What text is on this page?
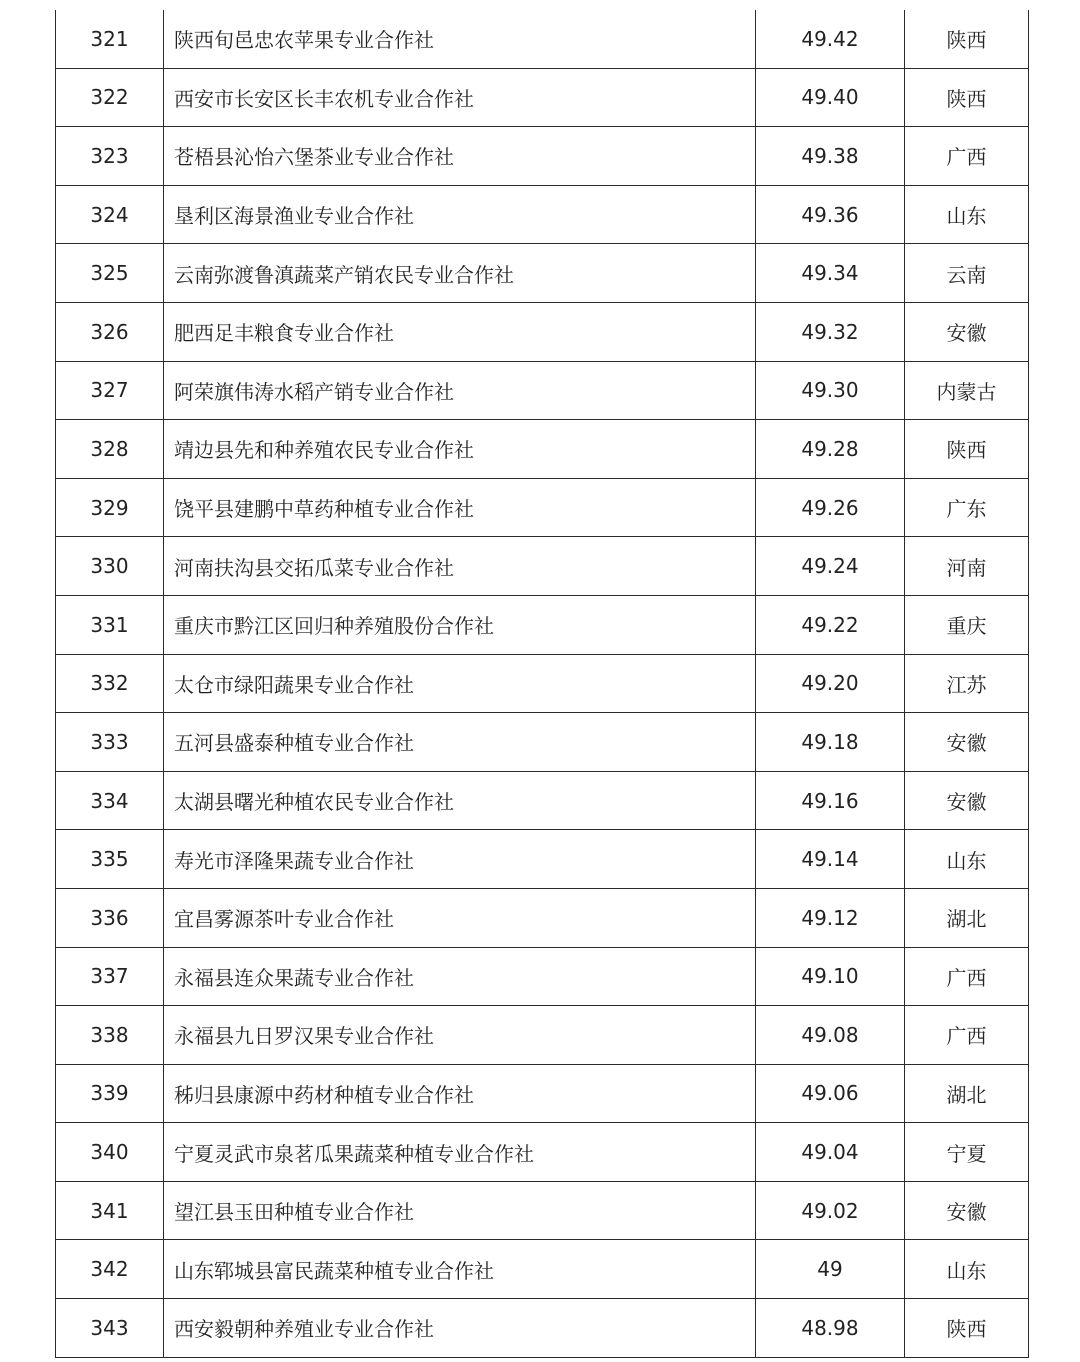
321	陕西旬邑忠农苹果专业合作社	49.42	陕西
322	西安市长安区长丰农机专业合作社	49.40	陕西
323	苍梧县沁怡六堡茶业专业合作社	49.38	广西
324	垦利区海景渔业专业合作社	49.36	山东
325	云南弥渡鲁滇蔬菜产销农民专业合作社	49.34	云南
326	肥西足丰粮食专业合作社	49.32	安徽
327	阿荣旗伟涛水稻产销专业合作社	49.30	内蒙古
328	靖边县先和种养殖农民专业合作社	49.28	陕西
329	饶平县建鹏中草药种植专业合作社	49.26	广东
330	河南扶沟县交拓瓜菜专业合作社	49.24	河南
331	重庆市黔江区回归种养殖股份合作社	49.22	重庆
332	太仓市绿阳蔬果专业合作社	49.20	江苏
333	五河县盛泰种植专业合作社	49.18	安徽
334	太湖县曙光种植农民专业合作社	49.16	安徽
335	寿光市泽隆果蔬专业合作社	49.14	山东
336	宜昌雾源茶叶专业合作社	49.12	湖北
337	永福县连众果蔬专业合作社	49.10	广西
338	永福县九日罗汉果专业合作社	49.08	广西
339	秭归县康源中药材种植专业合作社	49.06	湖北
340	宁夏灵武市泉茗瓜果蔬菜种植专业合作社	49.04	宁夏
341	望江县玉田种植专业合作社	49.02	安徽
342	山东郓城县富民蔬菜种植专业合作社	49	山东
343	西安毅朝种养殖业专业合作社	48.98	陕西
